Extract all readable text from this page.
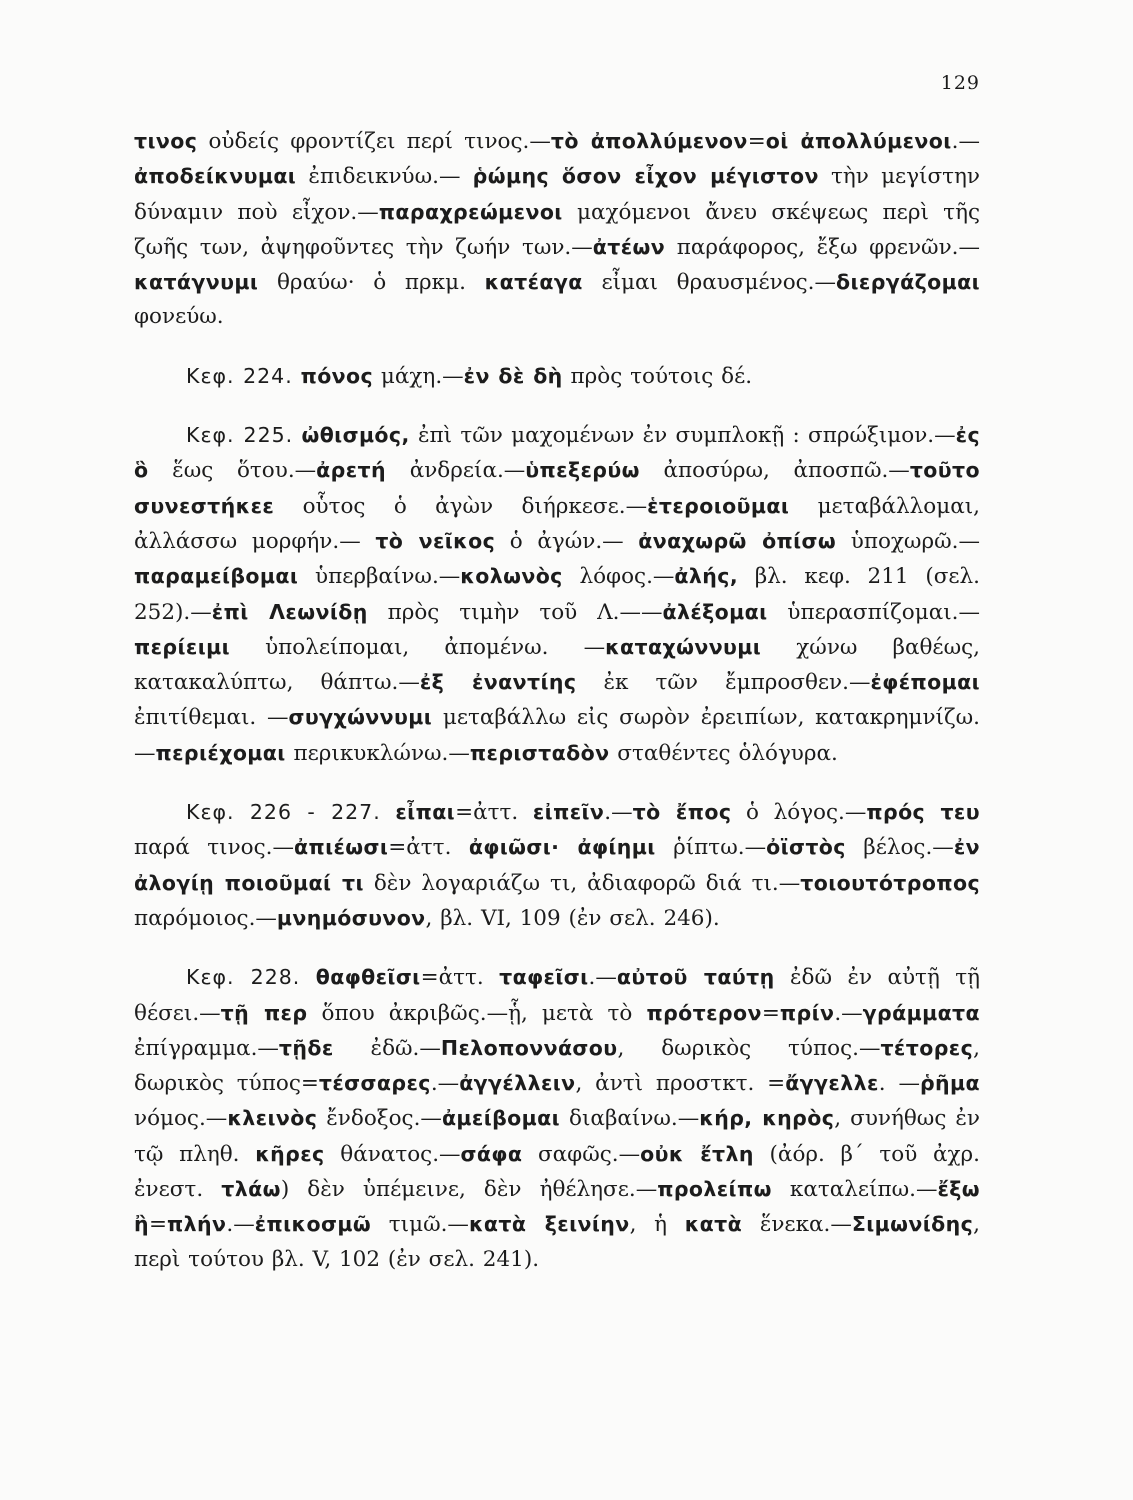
129

τινος οὐδείς φροντίζει περί τινος.—τὸ ἀπολλύμενον=οἱ ἀπολλύμενοι.—ἀποδείκνυμαι ἐπιδεικνύω.— ῥώμης ὅσον εἶχον μέγιστον τὴν μεγίστην δύναμιν ποὺ εἶχον.—παραχρεώμενοι μαχόμενοι ἄνευ σκέψεως περὶ τῆς ζωῆς των, ἀψηφοῦντες τὴν ζωήν των.—ἀτέων παράφορος, ἔξω φρενῶν.—κατάγνυμι θραύω· ὁ πρκμ. κατέαγα εἶμαι θραυσμένος.—διεργάζομαι φονεύω.

Κεφ. 224. πόνος μάχη.—ἐν δὲ δὴ πρὸς τούτοις δέ.

Κεφ. 225. ὠθισμός, ἐπὶ τῶν μαχομένων ἐν συμπλοκῇ : σπρώξιμον.—ἐς ὃ ἕως ὅτου.—ἀρετή ἀνδρεία.—ὑπεξερύω ἀποσύρω, ἀποσπῶ.—τοῦτο συνεστήκεε οὗτος ὁ ἀγὼν διήρκεσε.—ἑτεροιοῦμαι μεταβάλλομαι, ἀλλάσσω μορφήν.— τὸ νεῖκος ὁ ἀγών.— ἀναχωρῶ ὀπίσω ὑποχωρῶ.—παραμείβομαι ὑπερβαίνω.—κολωνὸς λόφος.—ἀλής, βλ. κεφ. 211 (σελ. 252).—ἐπὶ Λεωνίδῃ πρὸς τιμὴν τοῦ Λ.——ἀλέξομαι ὑπερασπίζομαι.—περίειμι ὑπολείπομαι, ἀπομένω. —καταχώννυμι χώνω βαθέως, κατακαλύπτω, θάπτω.—ἐξ ἐναντίης ἐκ τῶν ἔμπροσθεν.—ἐφέπομαι ἐπιτίθεμαι. —συγχώννυμι μεταβάλλω εἰς σωρὸν ἐρειπίων, κατακρημνίζω.—περιέχομαι περικυκλώνω.—περισταδὸν σταθέντες ὁλόγυρα.

Κεφ. 226 - 227. εἶπαι=ἀττ. εἰπεῖν.—τὸ ἔπος ὁ λόγος.—πρός τευ παρά τινος.—ἀπιέωσι=ἀττ. ἀφιῶσι· ἀφίημι ῥίπτω.—ὀϊστὸς βέλος.—ἐν ἀλογίῃ ποιοῦμαί τι δὲν λογαριάζω τι, ἀδιαφορῶ διά τι.—τοιουτότροπος παρόμοιος.—μνημόσυνον, βλ. VI, 109 (ἐν σελ. 246).

Κεφ. 228. θαφθεῖσι=ἀττ. ταφεῖσι.—αὐτοῦ ταύτῃ ἐδῶ ἐν αὐτῇ τῇ θέσει.—τῇ περ ὅπου ἀκριβῶς.—ᾗ, μετὰ τὸ πρότερον=πρίν.—γράμματα ἐπίγραμμα.—τῇδε ἐδῶ.—Πελοποννάσου, δωρικὸς τύπος.—τέτορες, δωρικὸς τύπος=τέσσαρες.—ἀγγέλλειν, ἀντὶ προστκτ. =ἄγγελλε. —ῥῆμα νόμος.—κλεινὸς ἔνδοξος.—ἀμείβομαι διαβαίνω.—κήρ, κηρὸς, συνήθως ἐν τῷ πληθ. κῆρες θάνατος.—σάφα σαφῶς.—οὐκ ἔτλη (ἀόρ. β΄ τοῦ ἀχρ. ἐνεστ. τλάω) δὲν ὑπέμεινε, δὲν ἠθέλησε.—προλείπω καταλείπω.—ἔξω ἢ=πλήν.—ἐπικοσμῶ τιμῶ.—κατὰ ξεινίην, ἡ κατὰ ἕνεκα.—Σιμωνίδης, περὶ τούτου βλ. V, 102 (ἐν σελ. 241).
